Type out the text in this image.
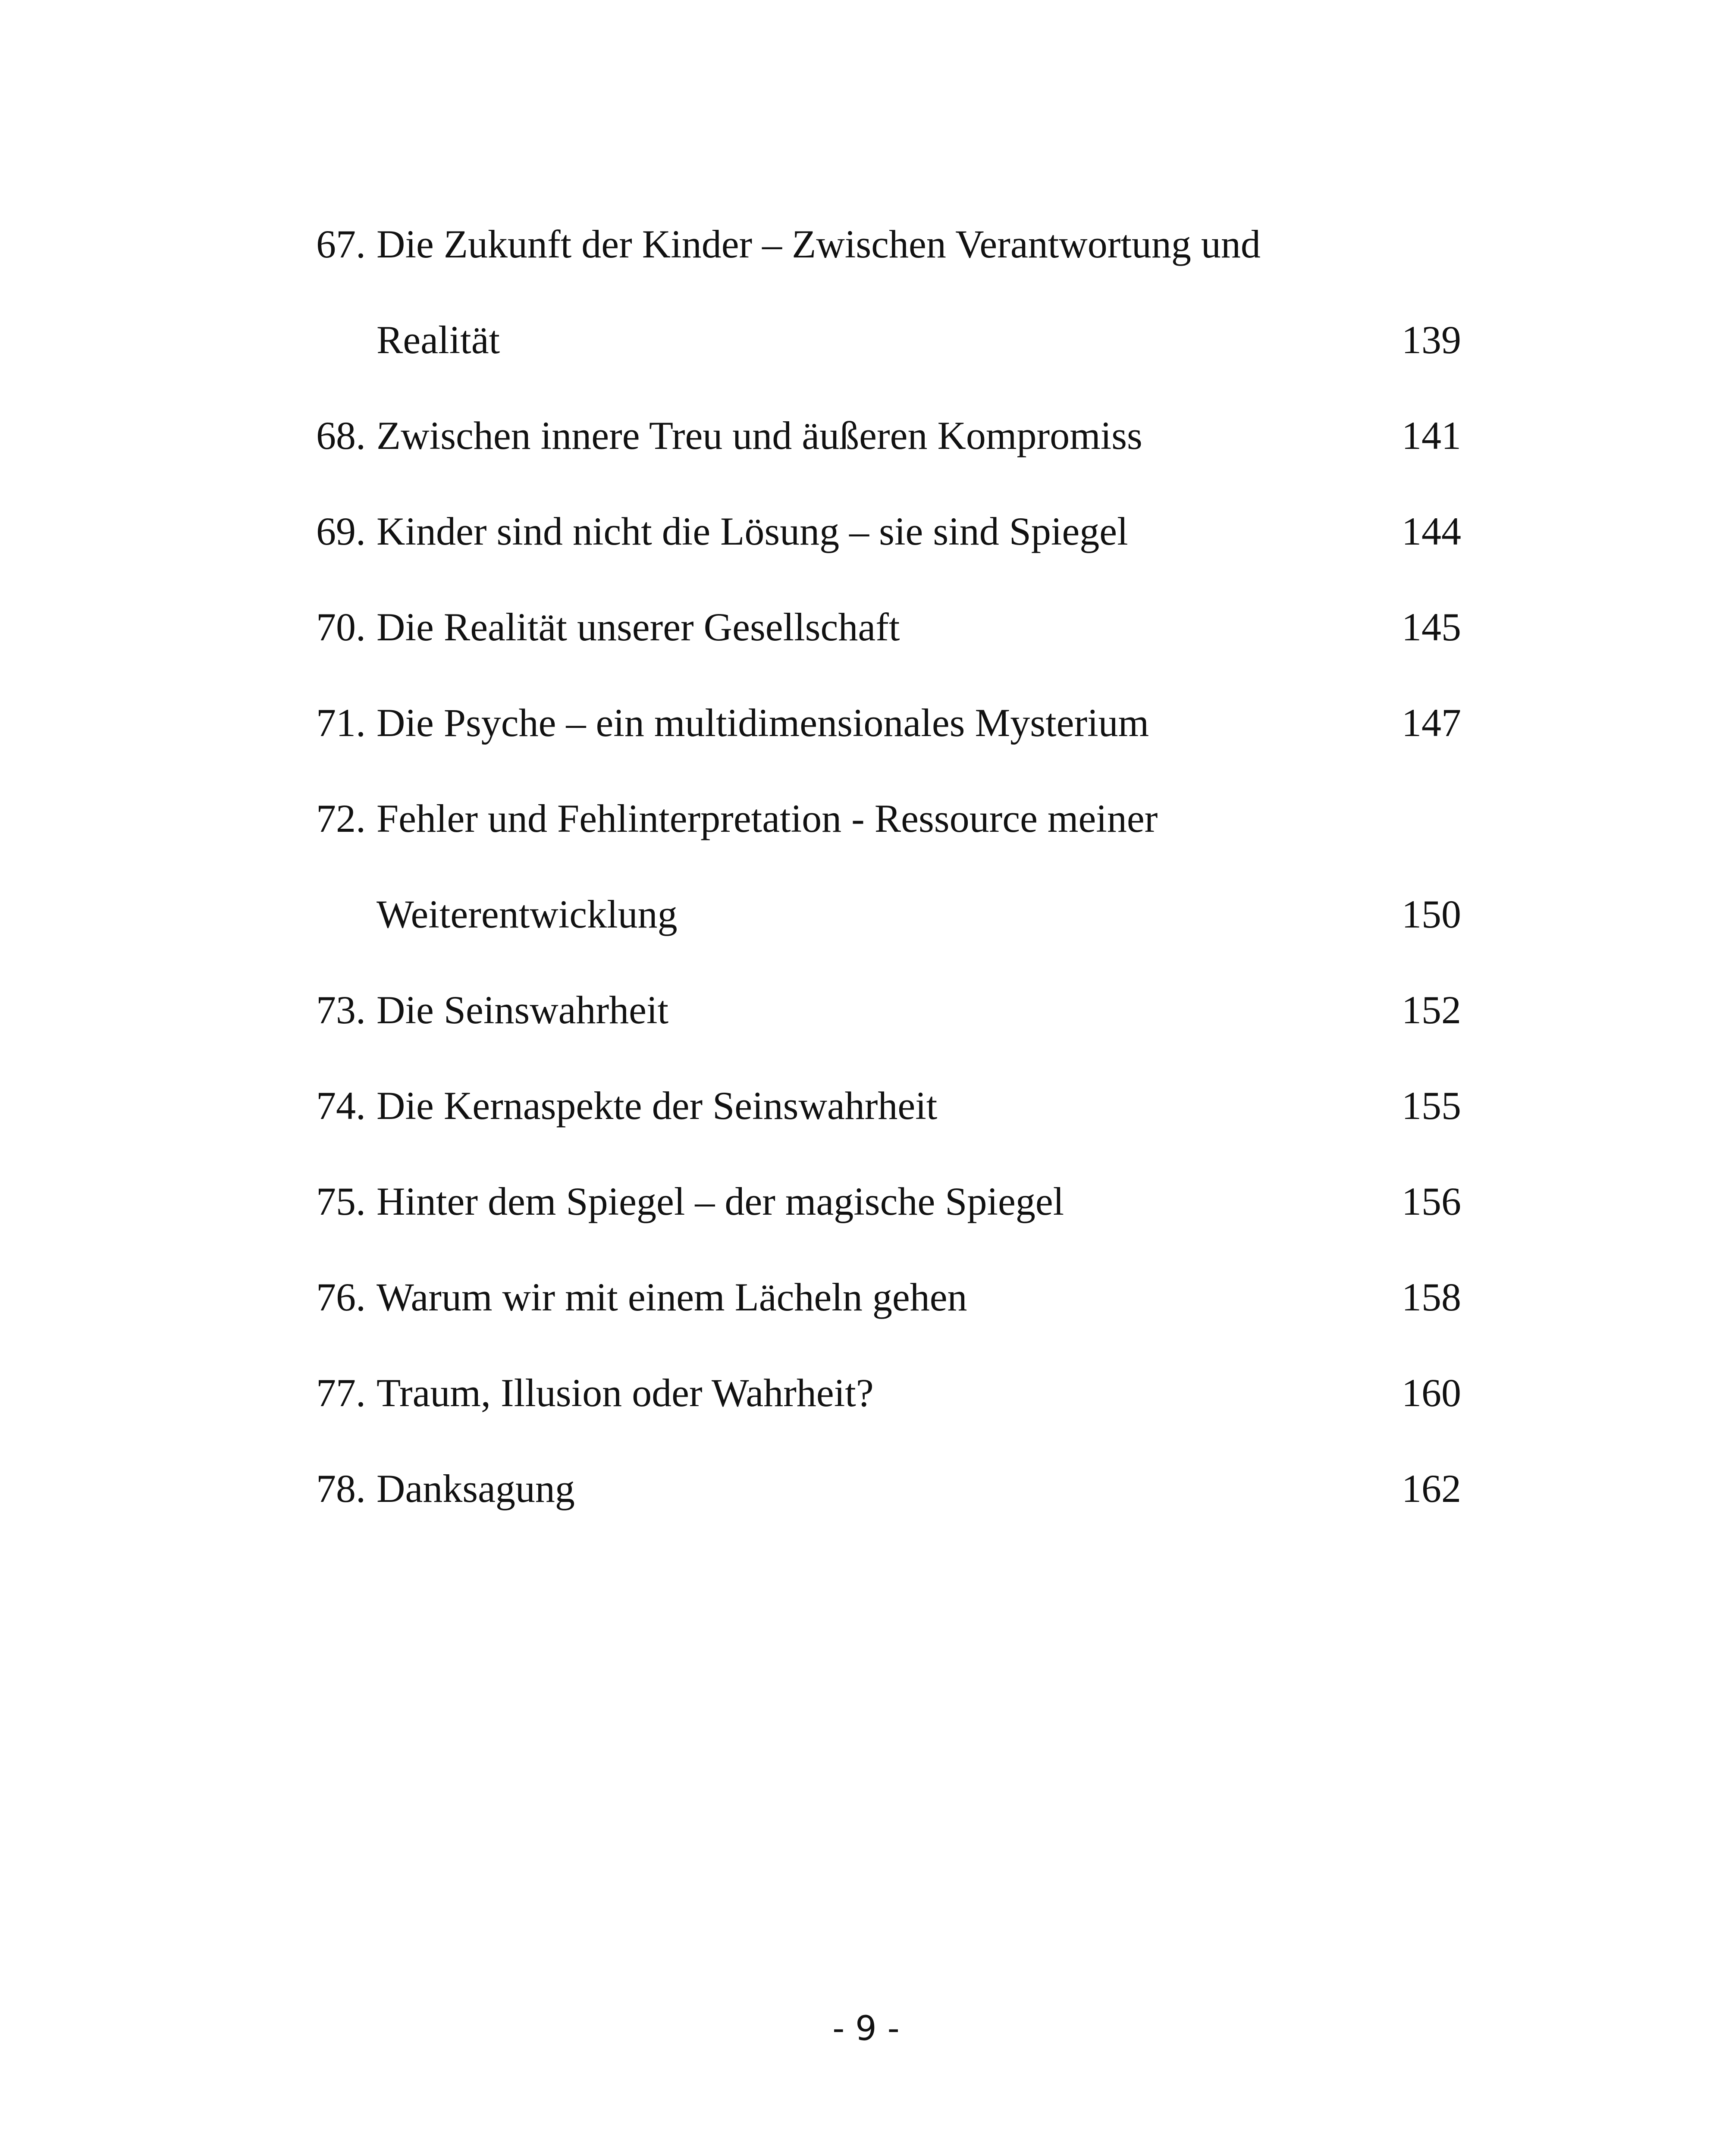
67. Die Zukunft der Kinder – Zwischen Verantwortung und
Realität	139
68. Zwischen innere Treu und äußeren Kompromiss	141
69. Kinder sind nicht die Lösung – sie sind Spiegel	144
70. Die Realität unserer Gesellschaft	145
71. Die Psyche – ein multidimensionales Mysterium	147
72. Fehler und Fehlinterpretation - Ressource meiner
Weiterentwicklung	150
73. Die Seinswahrheit	152
74. Die Kernaspekte der Seinswahrheit	155
75. Hinter dem Spiegel – der magische Spiegel	156
76. Warum wir mit einem Lächeln gehen	158
77. Traum, Illusion oder Wahrheit?	160
78. Danksagung	162
- 9 -
